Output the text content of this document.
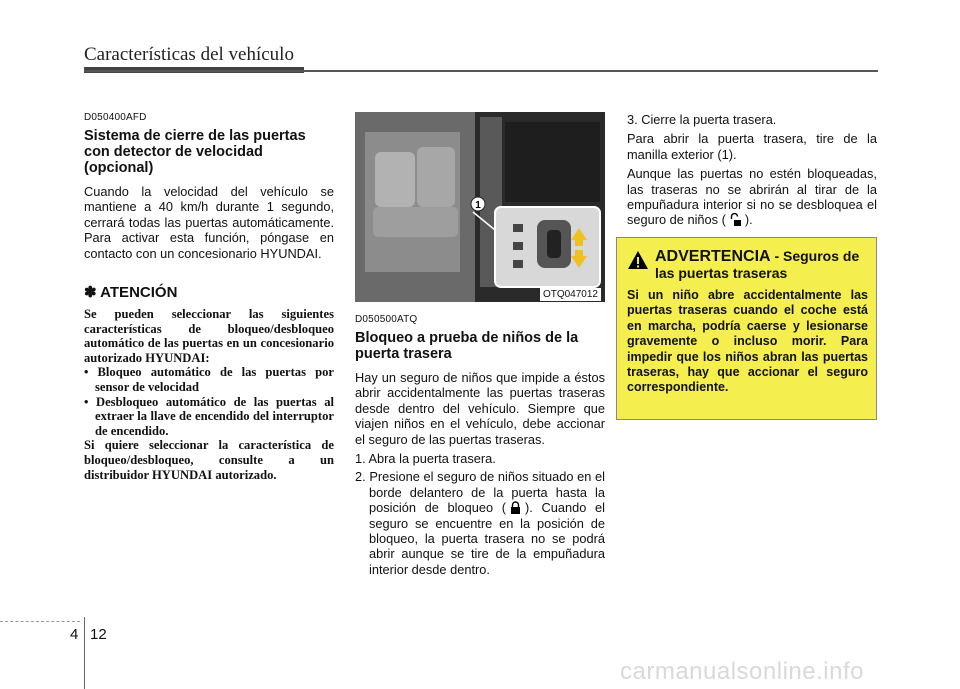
Características del vehículo
D050400AFD
Sistema de cierre de las puertas con detector de velocidad (opcional)
Cuando la velocidad del vehículo se mantiene a 40 km/h durante 1 segundo, cerrará todas las puertas automáticamente. Para activar esta función, póngase en contacto con un concesionario HYUNDAI.
✽ ATENCIÓN
Se pueden seleccionar las siguientes características de bloqueo/desbloqueo automático de las puertas en un concesionario autorizado HYUNDAI:
• Bloqueo automático de las puertas por sensor de velocidad
• Desbloqueo automático de las puertas al extraer la llave de encendido del interruptor de encendido.
Si quiere seleccionar la característica de bloqueo/desbloqueo, consulte a un distribuidor HYUNDAI autorizado.
1
OTQ047012
D050500ATQ
Bloqueo a prueba de niños de la puerta trasera
Hay un seguro de niños que impide a éstos abrir accidentalmente las puertas traseras desde dentro del vehículo. Siempre que viajen niños en el vehículo, debe accionar el seguro de las puertas traseras.
1. Abra la puerta trasera.
2. Presione el seguro de niños situado en el borde delantero de la puerta hasta la posición de bloqueo ( ). Cuando el seguro se encuentre en la posición de bloqueo, la puerta trasera no se podrá abrir aunque se tire de la empuñadura interior desde dentro.
3. Cierre la puerta trasera.
Para abrir la puerta trasera, tire de la manilla exterior (1).
Aunque las puertas no estén bloqueadas, las traseras no se abrirán al tirar de la empuñadura interior si no se desbloquea el seguro de niños ( ).
ADVERTENCIA - Seguros de las puertas traseras
Si un niño abre accidentalmente las puertas traseras cuando el coche está en marcha, podría caerse y lesionarse gravemente o incluso morir. Para impedir que los niños abran las puertas traseras, hay que accionar el seguro correspondiente.
4 12
carmanualsonline.info
